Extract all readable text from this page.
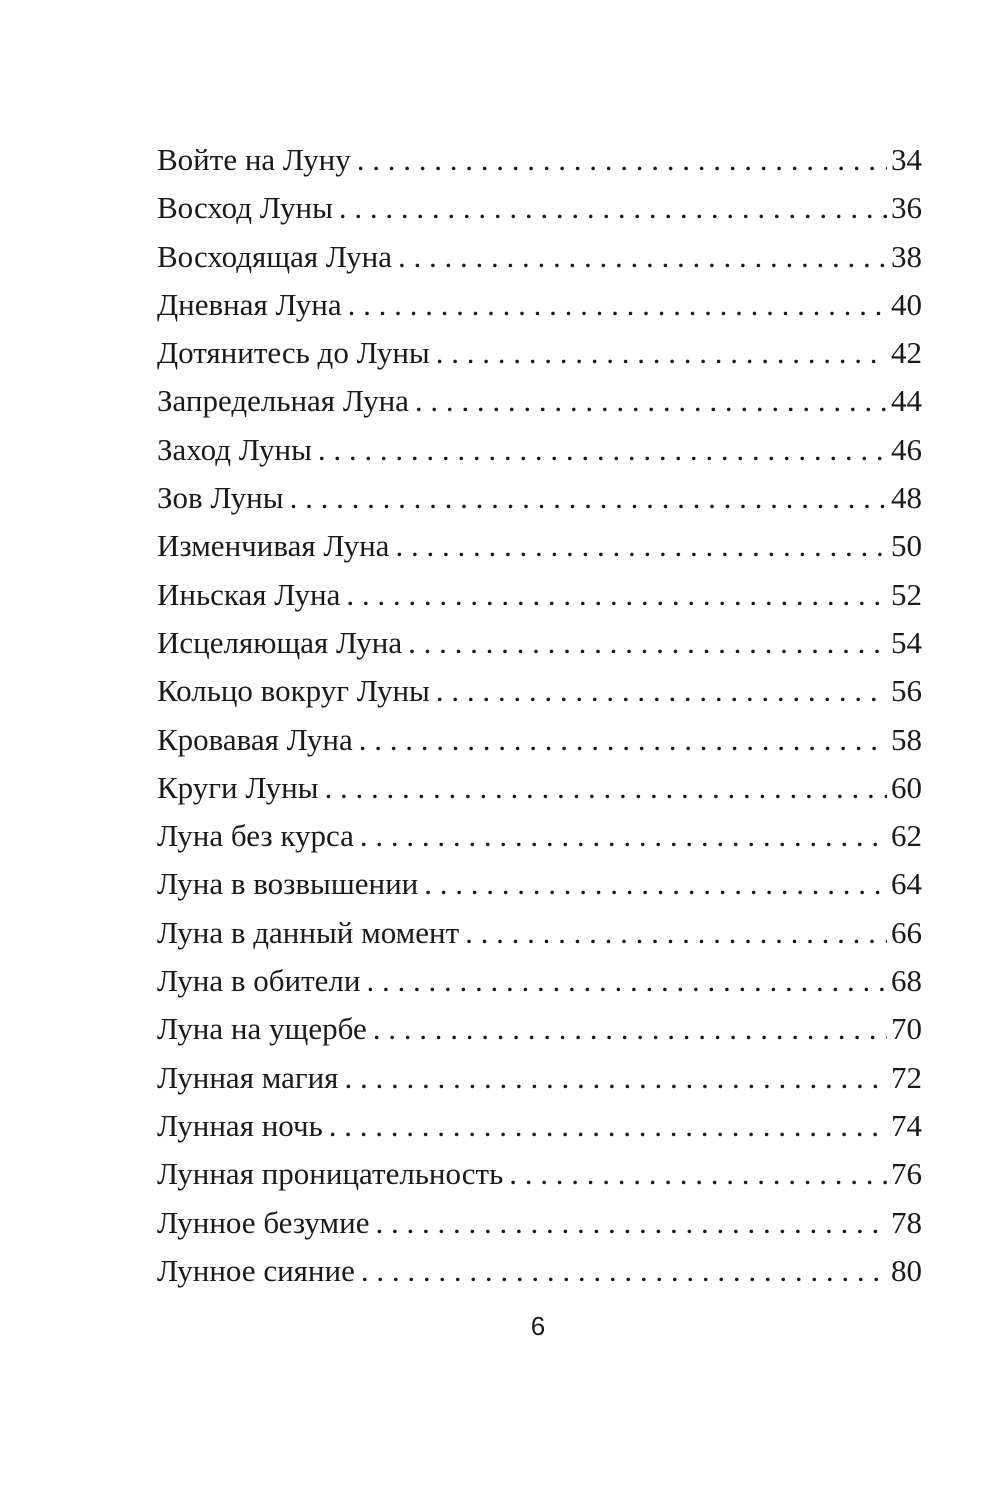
Войте на Луну . . .	34
Восход Луны . . .	36
Восходящая Луна . . .	38
Дневная Луна . . .	40
Дотянитесь до Луны . . .	42
Запредельная Луна . . .	44
Заход Луны . . .	46
Зов Луны . . .	48
Изменчивая Луна . . .	50
Иньская Луна . . .	52
Исцеляющая Луна . . .	54
Кольцо вокруг Луны . . .	56
Кровавая Луна . . .	58
Круги Луны . . .	60
Луна без курса . . .	62
Луна в возвышении . . .	64
Луна в данный момент . . .	66
Луна в обители . . .	68
Луна на ущербе . . .	70
Лунная магия . . .	72
Лунная ночь . . .	74
Лунная проницательность . . .	76
Лунное безумие . . .	78
Лунное сияние . . .	80
6
